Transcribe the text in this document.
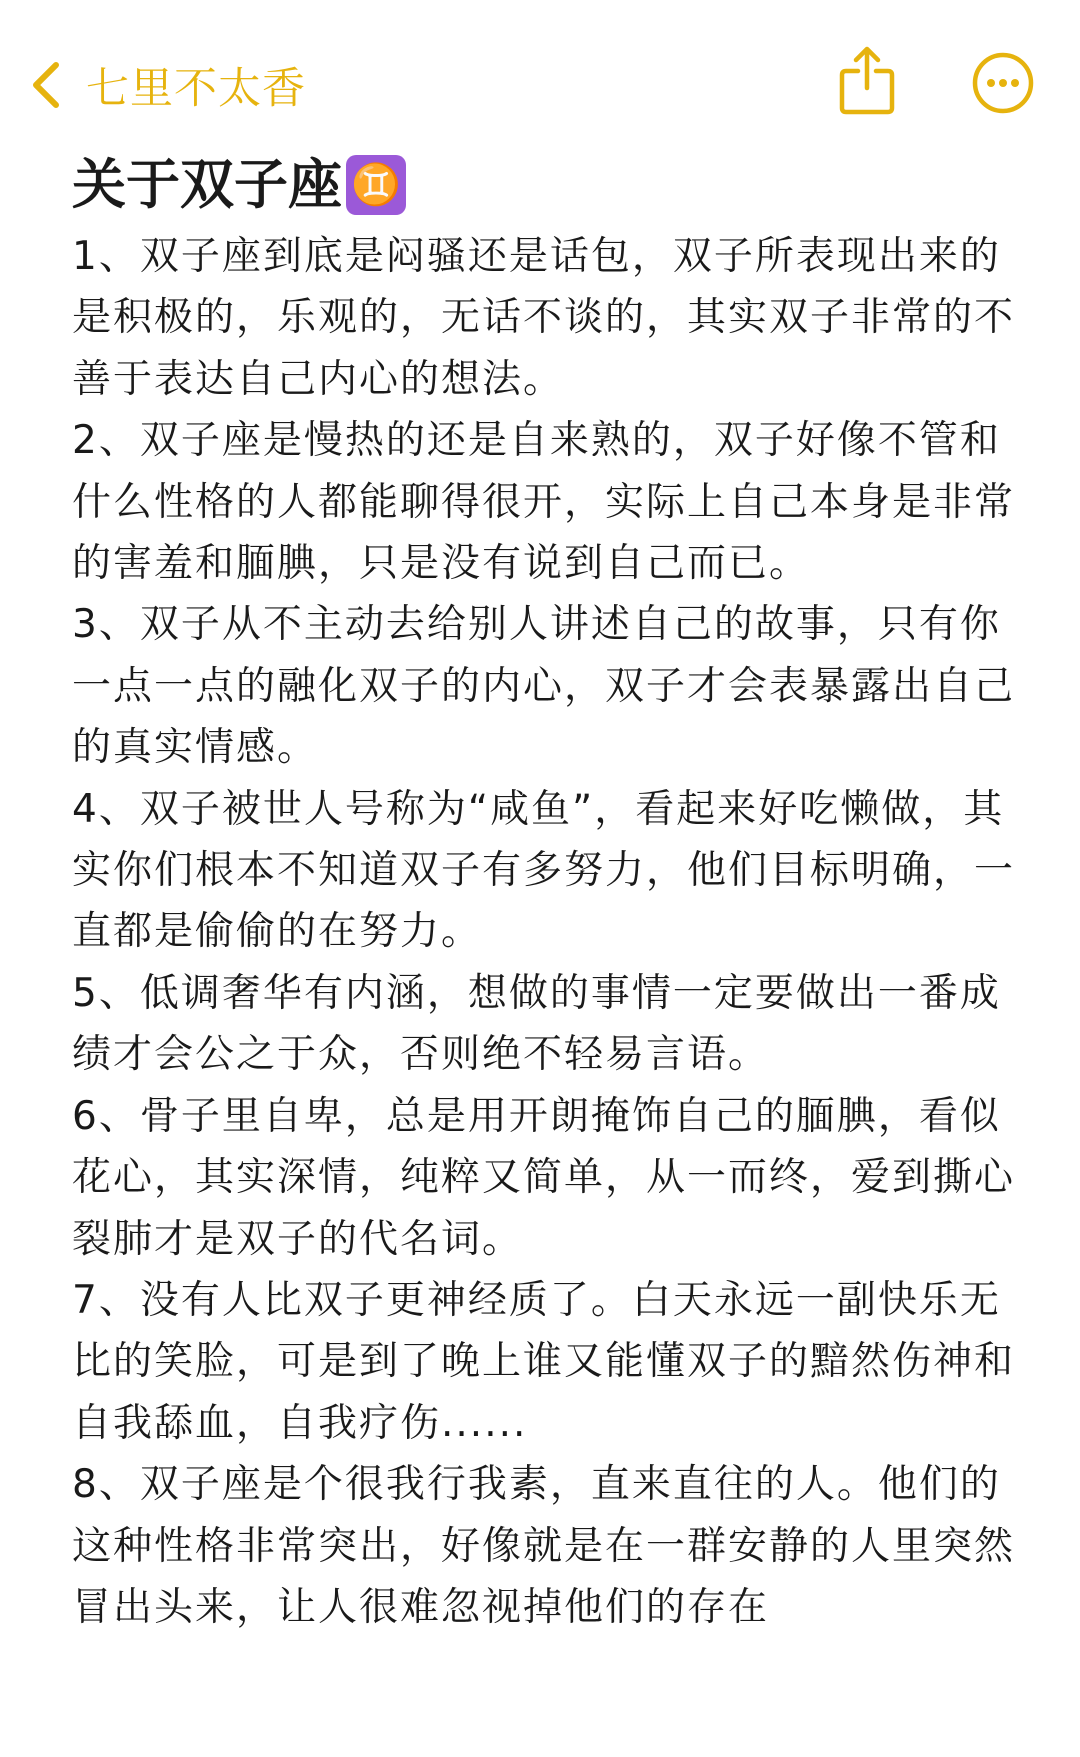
七里不太香
关于双子座 ♊

1、双子座到底是闷骚还是话包，双子所表现出来的是积极的，乐观的，无话不谈的，其实双子非常的不善于表达自己内心的想法。

2、双子座是慢热的还是自来熟的，双子好像不管和什么性格的人都能聊得很开，实际上自己本身是非常的害羞和腼腆，只是没有说到自己而已。

3、双子从不主动去给别人讲述自己的故事，只有你一点一点的融化双子的内心，双子才会表暴露出自己的真实情感。

4、双子被世人号称为“咸鱼”，看起来好吃懒做，其实你们根本不知道双子有多努力，他们目标明确，一直都是偷偷的在努力。

5、低调奢华有内涵，想做的事情一定要做出一番成绩才会公之于众，否则绝不轻易言语。

6、骨子里自卑，总是用开朗掩饰自己的腼腆，看似花心，其实深情，纯粹又简单，从一而终，爱到撕心裂肺才是双子的代名词。

7、没有人比双子更神经质了。白天永远一副快乐无比的笑脸，可是到了晚上谁又能懂双子的黯然伤神和自我舔血，自我疗伤......

8、双子座是个很我行我素，直来直往的人。他们的这种性格非常突出，好像就是在一群安静的人里突然冒出头来，让人很难忽视掉他们的存在
